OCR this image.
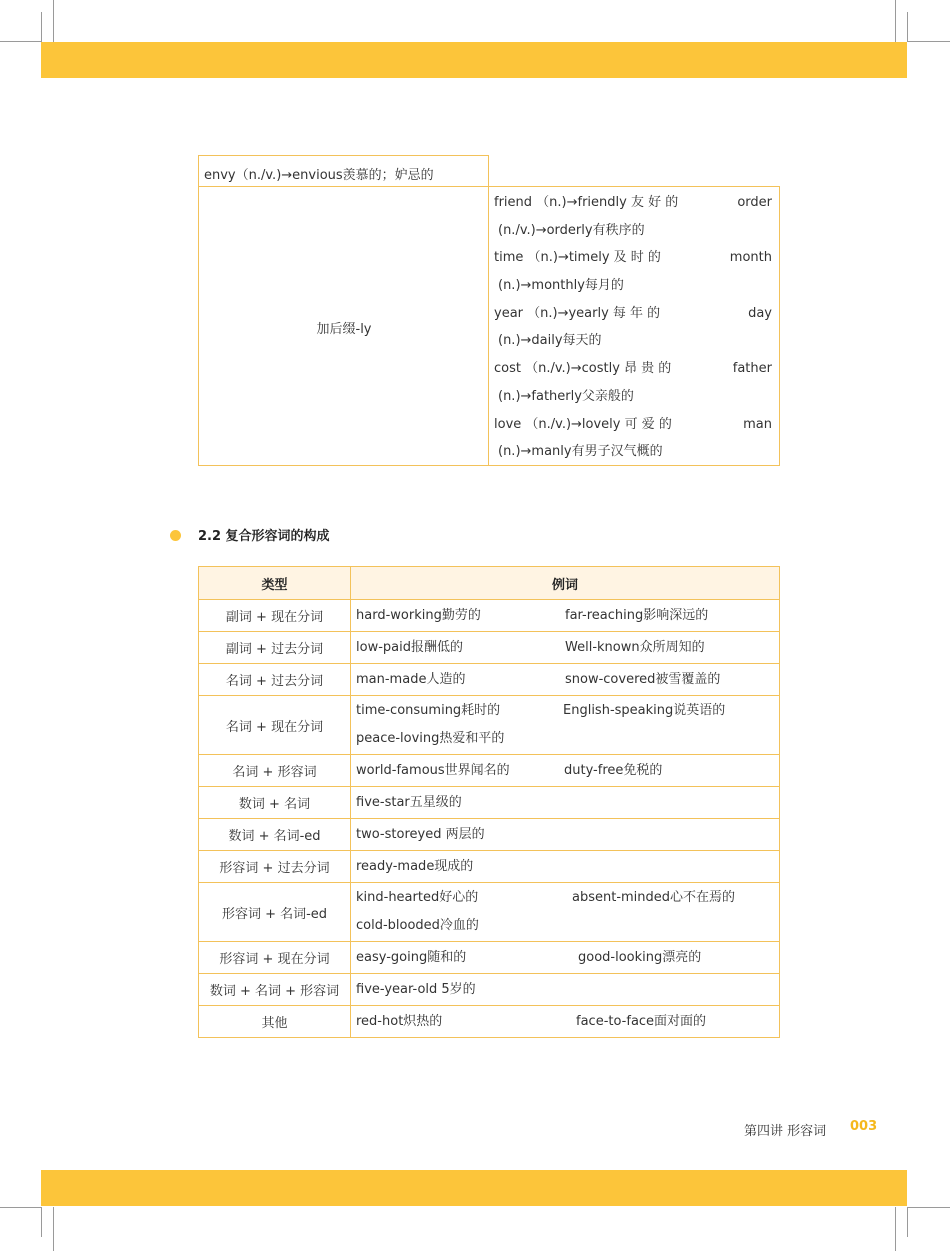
envy（n./v.)→envious羡慕的；妒忌的
加后缀-ly
friend （n.)→friendly 友 好 的	order
(n./v.)→orderly有秩序的
time （n.)→timely 及 时 的	month
(n.)→monthly每月的
year （n.)→yearly 每 年 的	day
(n.)→daily每天的
cost （n./v.)→costly 昂 贵 的	father
(n.)→fatherly父亲般的
love （n./v.)→lovely 可 爱 的	man
(n.)→manly有男子汉气概的
2.2 复合形容词的构成
类型	例词
副词 + 现在分词	hard-working勤劳的 far-reaching影响深远的

副词 + 过去分词	low-paid报酬低的 Well-known众所周知的

名词 + 过去分词	man-made人造的 snow-covered被雪覆盖的

名词 + 现在分词	time-consuming耗时的 English-speaking说英语的
peace-loving热爱和平的

名词 + 形容词	world-famous世界闻名的 duty-free免税的

数词 + 名词	five-star五星级的

数词 + 名词-ed	two-storeyed 两层的

形容词 + 过去分词	ready-made现成的

形容词 + 名词-ed	kind-hearted好心的 absent-minded心不在焉的
cold-blooded冷血的

形容词 + 现在分词	easy-going随和的 good-looking漂亮的

数词 + 名词 + 形容词	five-year-old 5岁的

其他	red-hot炽热的 face-to-face面对面的
第四讲 形容词 003
